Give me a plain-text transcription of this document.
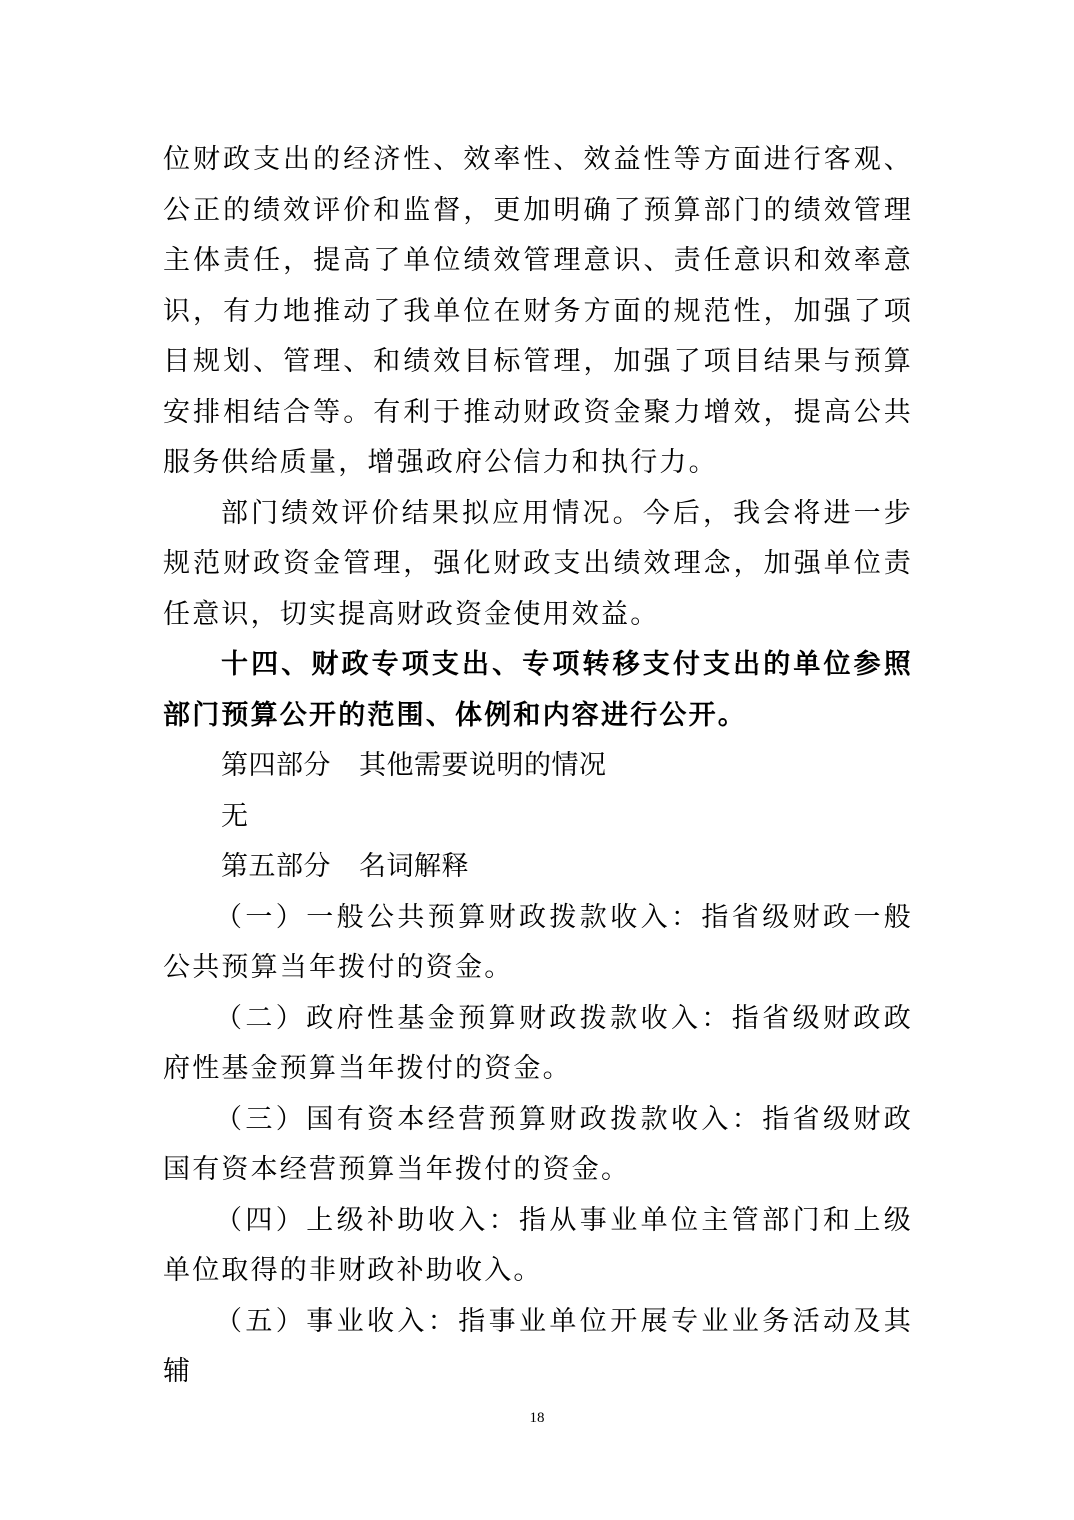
位财政支出的经济性、效率性、效益性等方面进行客观、公正的绩效评价和监督，更加明确了预算部门的绩效管理主体责任，提高了单位绩效管理意识、责任意识和效率意识，有力地推动了我单位在财务方面的规范性，加强了项目规划、管理、和绩效目标管理，加强了项目结果与预算安排相结合等。有利于推动财政资金聚力增效，提高公共服务供给质量，增强政府公信力和执行力。

部门绩效评价结果拟应用情况。今后，我会将进一步规范财政资金管理，强化财政支出绩效理念，加强单位责任意识，切实提高财政资金使用效益。

十四、财政专项支出、专项转移支付支出的单位参照部门预算公开的范围、体例和内容进行公开。

第四部分 其他需要说明的情况

无

第五部分 名词解释

（一）一般公共预算财政拨款收入：指省级财政一般公共预算当年拨付的资金。

（二）政府性基金预算财政拨款收入：指省级财政政府性基金预算当年拨付的资金。

（三）国有资本经营预算财政拨款收入：指省级财政国有资本经营预算当年拨付的资金。

（四）上级补助收入：指从事业单位主管部门和上级单位取得的非财政补助收入。

（五）事业收入：指事业单位开展专业业务活动及其辅

18
